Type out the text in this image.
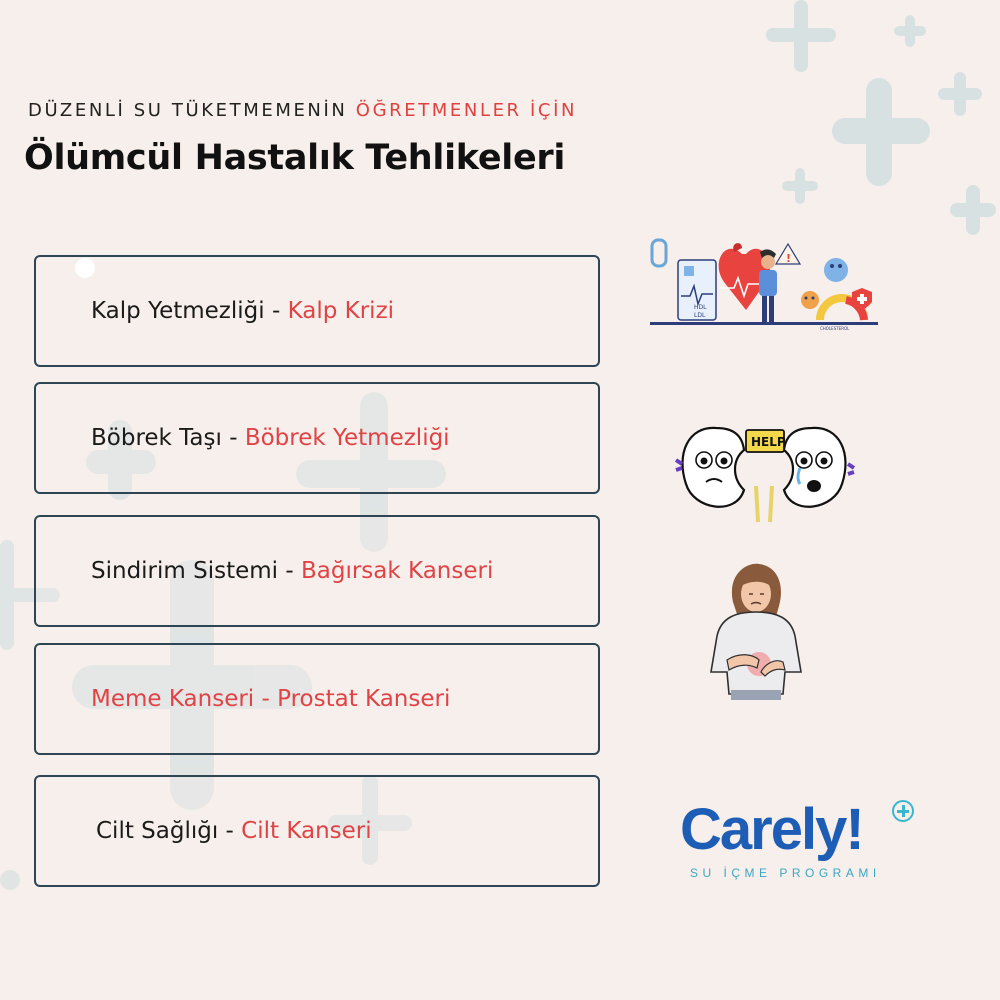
DÜZENLİ SU TÜKETMEMENİN ÖĞRETMENLER İÇİN
Ölümcül Hastalık Tehlikeleri
Kalp Yetmezliği - Kalp Krizi
Böbrek Taşı - Böbrek Yetmezliği
Sindirim Sistemi - Bağırsak Kanseri
Meme Kanseri - Prostat Kanseri
Cilt Sağlığı - Cilt Kanseri
HDL
LDL
!
CHOLESTEROL
HELP
Carely!
SU İÇME PROGRAMI
